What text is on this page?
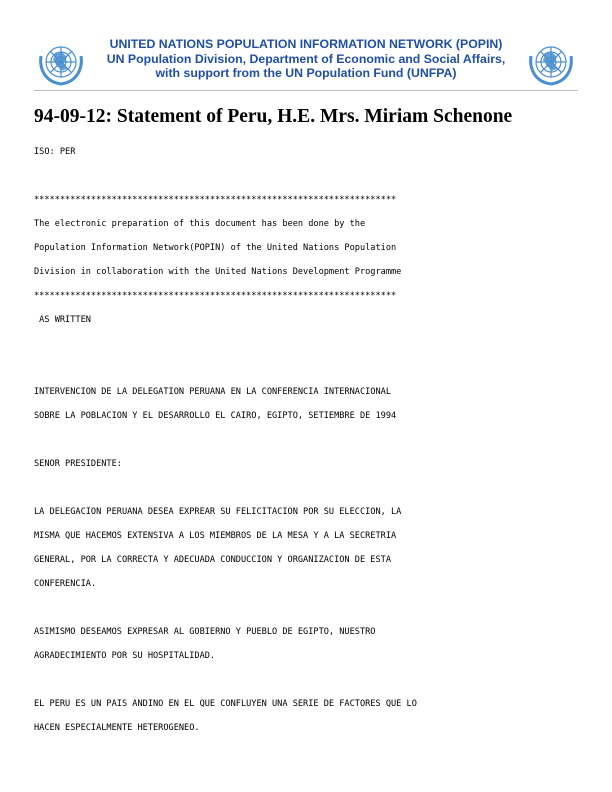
UNITED NATIONS POPULATION INFORMATION NETWORK (POPIN)
UN Population Division, Department of Economic and Social Affairs,
with support from the UN Population Fund (UNFPA)
94-09-12: Statement of Peru, H.E. Mrs. Miriam Schenone
ISO: PER
**********************************************************************
The electronic preparation of this document has been done by the
Population Information Network(POPIN) of the United Nations Population
Division in collaboration with the United Nations Development Programme
**********************************************************************
AS WRITTEN
INTERVENCION DE LA DELEGATION PERUANA EN LA CONFERENCIA INTERNACIONAL
SOBRE LA POBLACION Y EL DESARROLLO EL CAIRO, EGIPTO, SETIEMBRE DE 1994
SENOR PRESIDENTE:
LA DELEGACION PERUANA DESEA EXPREAR SU FELICITACION POR SU ELECCION, LA
MISMA QUE HACEMOS EXTENSIVA A LOS MIEMBROS DE LA MESA Y A LA SECRETRIA
GENERAL, POR LA CORRECTA Y ADECUADA CONDUCCION Y ORGANIZACION DE ESTA
CONFERENCIA.
ASIMISMO DESEAMOS EXPRESAR AL GOBIERNO Y PUEBLO DE EGIPTO, NUESTRO
AGRADECIMIENTO POR SU HOSPITALIDAD.
EL PERU ES UN PAIS ANDINO EN EL QUE CONFLUYEN UNA SERIE DE FACTORES QUE LO
HACEN ESPECIALMENTE HETEROGENEO.
